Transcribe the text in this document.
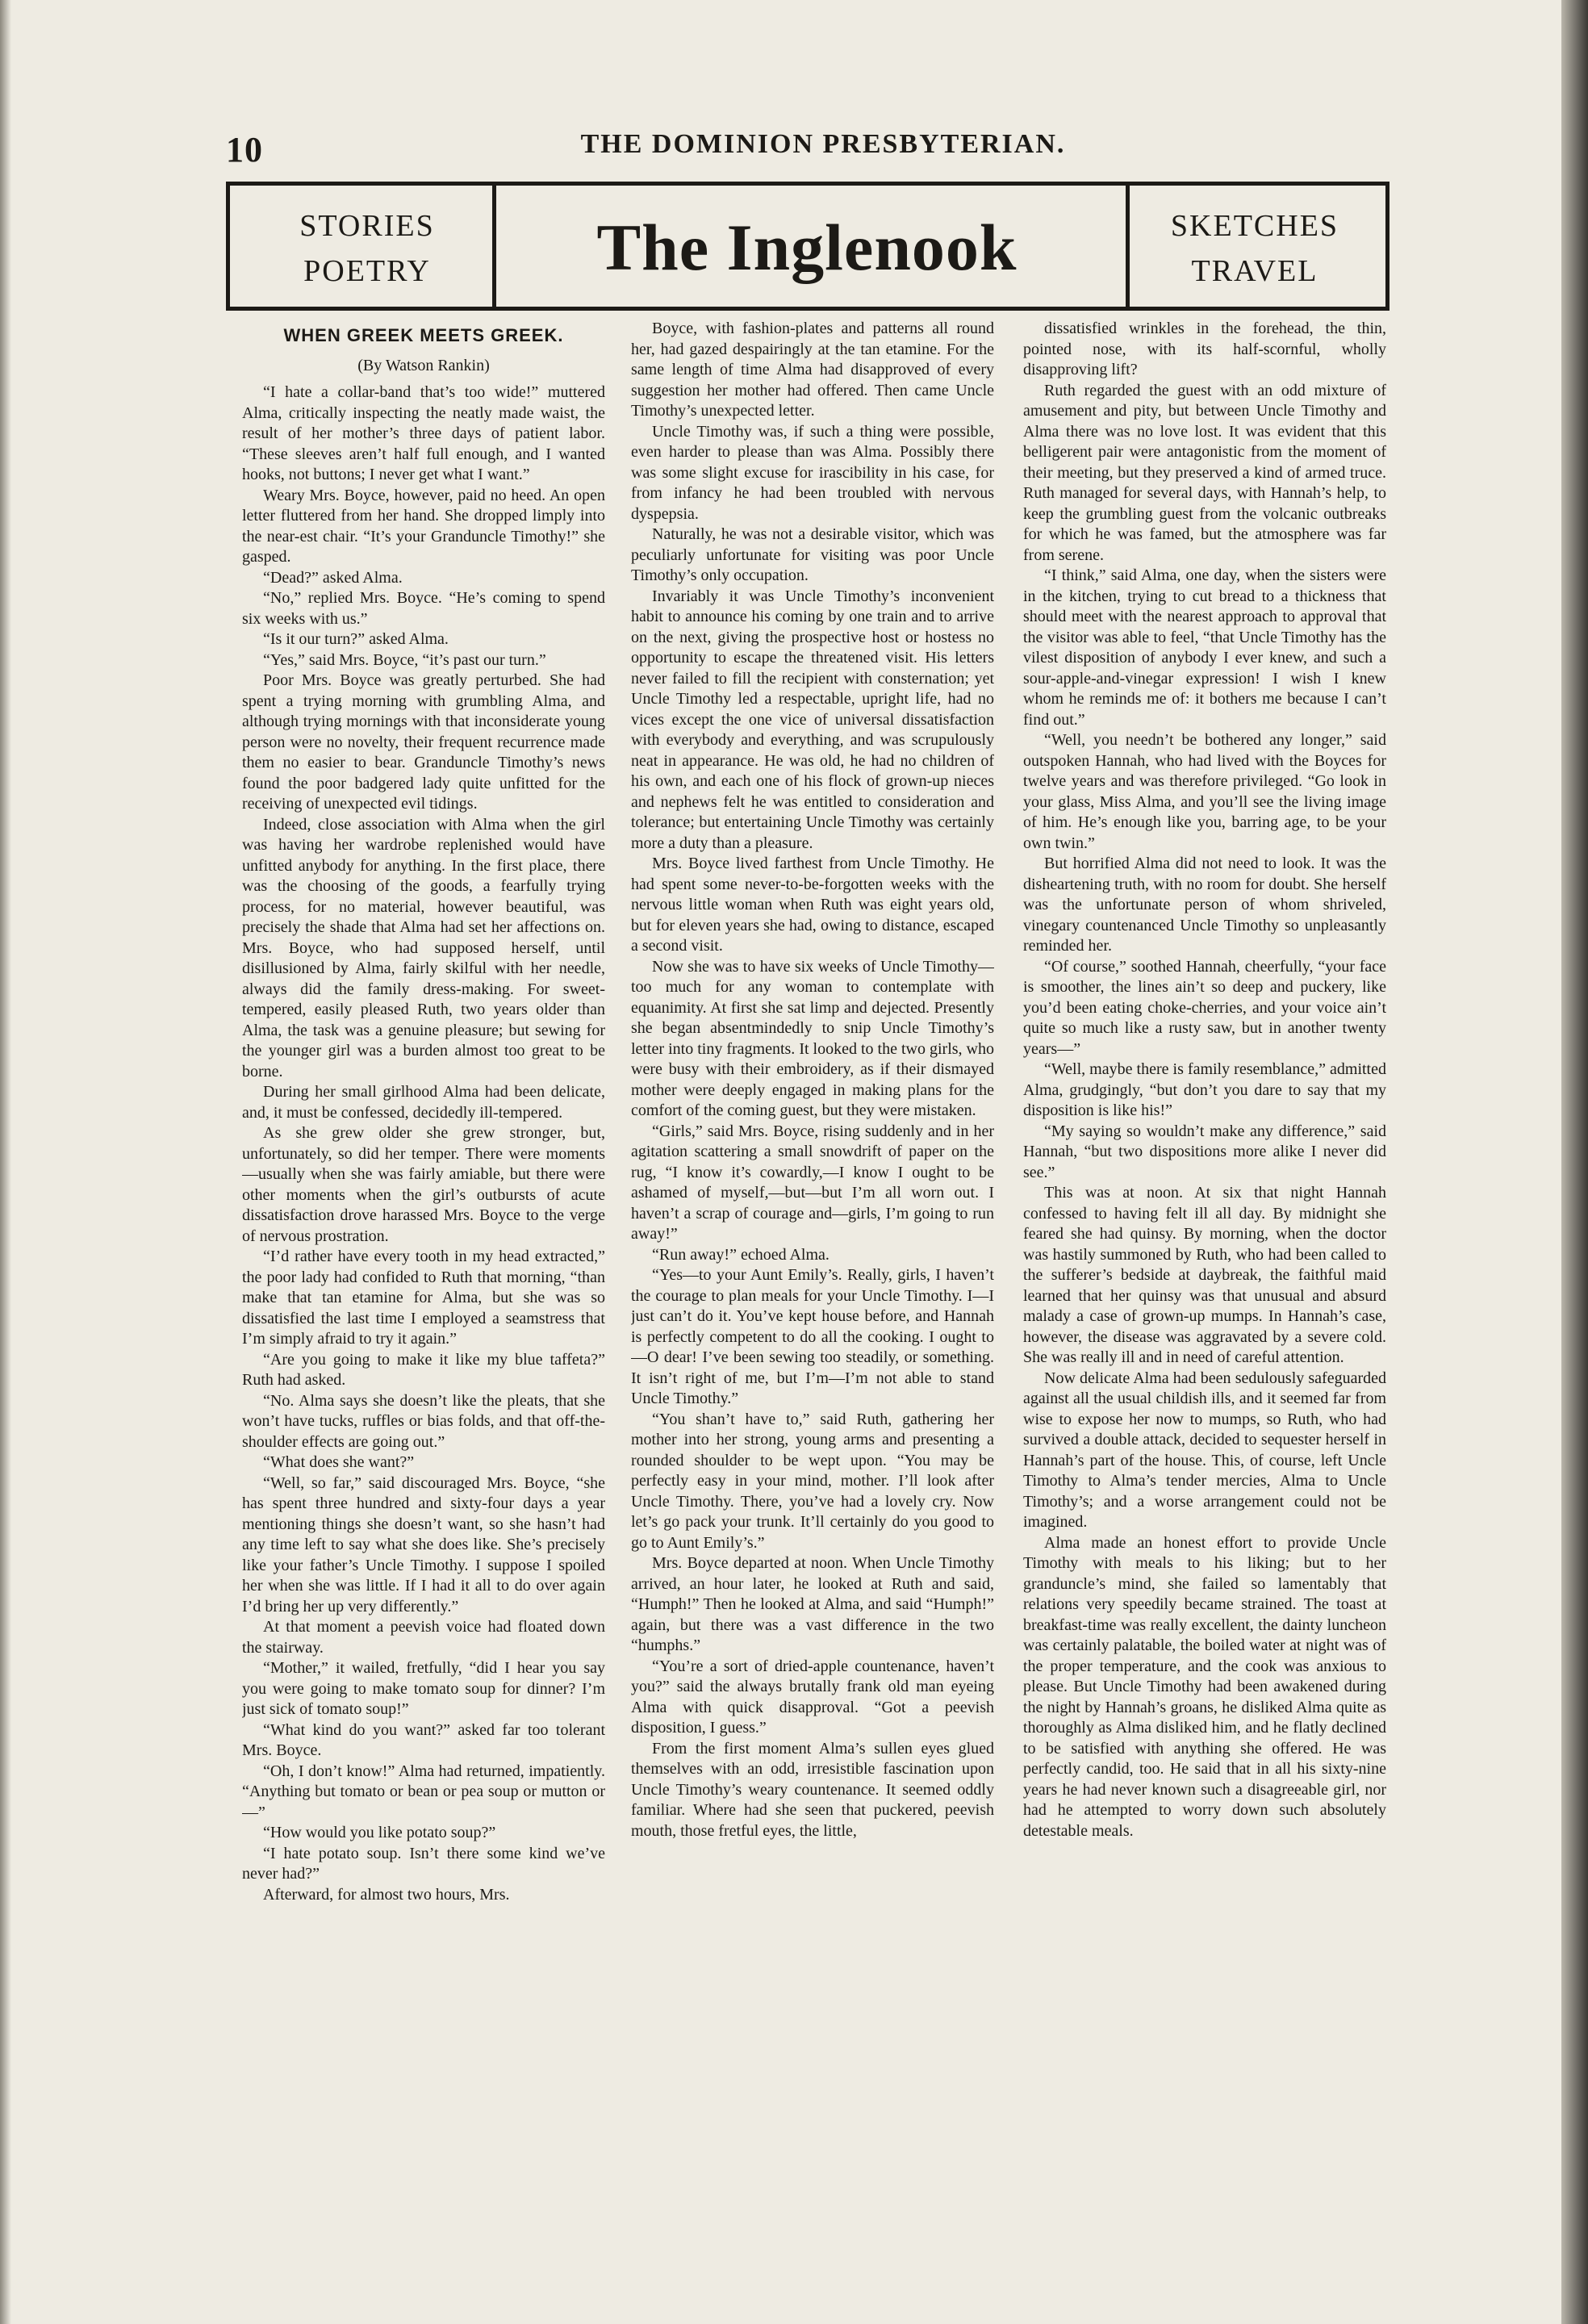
10	THE DOMINION PRESBYTERIAN.
STORIES
POETRY	The Inglenook	SKETCHES
TRAVEL
WHEN GREEK MEETS GREEK.
(By Watson Rankin)

“I hate a collar-band that’s too wide!” muttered Alma, critically inspecting the neatly made waist, the result of her mother’s three days of patient labor. “These sleeves aren’t half full enough, and I wanted hooks, not buttons; I never get what I want.”

Weary Mrs. Boyce, however, paid no heed. An open letter fluttered from her hand. She dropped limply into the near-est chair. “It’s your Granduncle Timothy!” she gasped.

“Dead?” asked Alma.

“No,” replied Mrs. Boyce. “He’s coming to spend six weeks with us.”

“Is it our turn?” asked Alma.

“Yes,” said Mrs. Boyce, “it’s past our turn.”

Poor Mrs. Boyce was greatly perturbed. She had spent a trying morning with grumbling Alma, and although trying mornings with that inconsiderate young person were no novelty, their frequent recurrence made them no easier to bear. Granduncle Timothy’s news found the poor badgered lady quite unfitted for the receiving of unexpected evil tidings.

Indeed, close association with Alma when the girl was having her wardrobe replenished would have unfitted anybody for anything. In the first place, there was the choosing of the goods, a fearfully trying process, for no material, however beautiful, was precisely the shade that Alma had set her affections on. Mrs. Boyce, who had supposed herself, until disillusioned by Alma, fairly skilful with her needle, always did the family dress-making. For sweet-tempered, easily pleased Ruth, two years older than Alma, the task was a genuine pleasure; but sewing for the younger girl was a burden almost too great to be borne.

During her small girlhood Alma had been delicate, and, it must be confessed, decidedly ill-tempered.

As she grew older she grew stronger, but, unfortunately, so did her temper. There were moments—usually when she was fairly amiable, but there were other moments when the girl’s outbursts of acute dissatisfaction drove harassed Mrs. Boyce to the verge of nervous prostration.

“I’d rather have every tooth in my head extracted,” the poor lady had confided to Ruth that morning, “than make that tan etamine for Alma, but she was so dissatisfied the last time I employed a seamstress that I’m simply afraid to try it again.”

“Are you going to make it like my blue taffeta?” Ruth had asked.

“No. Alma says she doesn’t like the pleats, that she won’t have tucks, ruffles or bias folds, and that off-the-shoulder effects are going out.”

“What does she want?”

“Well, so far,” said discouraged Mrs. Boyce, “she has spent three hundred and sixty-four days a year mentioning things she doesn’t want, so she hasn’t had any time left to say what she does like. She’s precisely like your father’s Uncle Timothy. I suppose I spoiled her when she was little. If I had it all to do over again I’d bring her up very differently.”

At that moment a peevish voice had floated down the stairway.

“Mother,” it wailed, fretfully, “did I hear you say you were going to make tomato soup for dinner? I’m just sick of tomato soup!”

“What kind do you want?” asked far too tolerant Mrs. Boyce.

“Oh, I don’t know!” Alma had returned, impatiently. “Anything but tomato or bean or pea soup or mutton or—”

“How would you like potato soup?”

“I hate potato soup. Isn’t there some kind we’ve never had?”

Afterward, for almost two hours, Mrs.

Boyce, with fashion-plates and patterns all round her, had gazed despairingly at the tan etamine. For the same length of time Alma had disapproved of every suggestion her mother had offered. Then came Uncle Timothy’s unexpected letter.

Uncle Timothy was, if such a thing were possible, even harder to please than was Alma. Possibly there was some slight excuse for irascibility in his case, for from infancy he had been troubled with nervous dyspepsia.

Naturally, he was not a desirable visitor, which was peculiarly unfortunate for visiting was poor Uncle Timothy’s only occupation.

Invariably it was Uncle Timothy’s inconvenient habit to announce his coming by one train and to arrive on the next, giving the prospective host or hostess no opportunity to escape the threatened visit. His letters never failed to fill the recipient with consternation; yet Uncle Timothy led a respectable, upright life, had no vices except the one vice of universal dissatisfaction with everybody and everything, and was scrupulously neat in appearance. He was old, he had no children of his own, and each one of his flock of grown-up nieces and nephews felt he was entitled to consideration and tolerance; but entertaining Uncle Timothy was certainly more a duty than a pleasure.

Mrs. Boyce lived farthest from Uncle Timothy. He had spent some never-to-be-forgotten weeks with the nervous little woman when Ruth was eight years old, but for eleven years she had, owing to distance, escaped a second visit.

Now she was to have six weeks of Uncle Timothy—too much for any woman to contemplate with equanimity. At first she sat limp and dejected. Presently she began absentmindedly to snip Uncle Timothy’s letter into tiny fragments. It looked to the two girls, who were busy with their embroidery, as if their dismayed mother were deeply engaged in making plans for the comfort of the coming guest, but they were mistaken.

“Girls,” said Mrs. Boyce, rising suddenly and in her agitation scattering a small snowdrift of paper on the rug, “I know it’s cowardly,—I know I ought to be ashamed of myself,—but—but I’m all worn out. I haven’t a scrap of courage and—girls, I’m going to run away!”

“Run away!” echoed Alma.

“Yes—to your Aunt Emily’s. Really, girls, I haven’t the courage to plan meals for your Uncle Timothy. I—I just can’t do it. You’ve kept house before, and Hannah is perfectly competent to do all the cooking. I ought to—O dear! I’ve been sewing too steadily, or something. It isn’t right of me, but I’m—I’m not able to stand Uncle Timothy.”

“You shan’t have to,” said Ruth, gathering her mother into her strong, young arms and presenting a rounded shoulder to be wept upon. “You may be perfectly easy in your mind, mother. I’ll look after Uncle Timothy. There, you’ve had a lovely cry. Now let’s go pack your trunk. It’ll certainly do you good to go to Aunt Emily’s.”

Mrs. Boyce departed at noon. When Uncle Timothy arrived, an hour later, he looked at Ruth and said, “Humph!” Then he looked at Alma, and said “Humph!” again, but there was a vast difference in the two “humphs.”

“You’re a sort of dried-apple countenance, haven’t you?” said the always brutally frank old man eyeing Alma with quick disapproval. “Got a peevish disposition, I guess.”

From the first moment Alma’s sullen eyes glued themselves with an odd, irresistible fascination upon Uncle Timothy’s weary countenance. It seemed oddly familiar. Where had she seen that puckered, peevish mouth, those fretful eyes, the little,

dissatisfied wrinkles in the forehead, the thin, pointed nose, with its half-scornful, wholly disapproving lift?

Ruth regarded the guest with an odd mixture of amusement and pity, but between Uncle Timothy and Alma there was no love lost. It was evident that this belligerent pair were antagonistic from the moment of their meeting, but they preserved a kind of armed truce. Ruth managed for several days, with Hannah’s help, to keep the grumbling guest from the volcanic outbreaks for which he was famed, but the atmosphere was far from serene.

“I think,” said Alma, one day, when the sisters were in the kitchen, trying to cut bread to a thickness that should meet with the nearest approach to approval that the visitor was able to feel, “that Uncle Timothy has the vilest disposition of anybody I ever knew, and such a sour-apple-and-vinegar expression! I wish I knew whom he reminds me of: it bothers me because I can’t find out.”

“Well, you needn’t be bothered any longer,” said outspoken Hannah, who had lived with the Boyces for twelve years and was therefore privileged. “Go look in your glass, Miss Alma, and you’ll see the living image of him. He’s enough like you, barring age, to be your own twin.”

But horrified Alma did not need to look. It was the disheartening truth, with no room for doubt. She herself was the unfortunate person of whom shriveled, vinegary countenanced Uncle Timothy so unpleasantly reminded her.

“Of course,” soothed Hannah, cheerfully, “your face is smoother, the lines ain’t so deep and puckery, like you’d been eating choke-cherries, and your voice ain’t quite so much like a rusty saw, but in another twenty years—”

“Well, maybe there is family resemblance,” admitted Alma, grudgingly, “but don’t you dare to say that my disposition is like his!”

“My saying so wouldn’t make any difference,” said Hannah, “but two dispositions more alike I never did see.”

This was at noon. At six that night Hannah confessed to having felt ill all day. By midnight she feared she had quinsy. By morning, when the doctor was hastily summoned by Ruth, who had been called to the sufferer’s bedside at daybreak, the faithful maid learned that her quinsy was that unusual and absurd malady a case of grown-up mumps. In Hannah’s case, however, the disease was aggravated by a severe cold. She was really ill and in need of careful attention.

Now delicate Alma had been sedulously safeguarded against all the usual childish ills, and it seemed far from wise to expose her now to mumps, so Ruth, who had survived a double attack, decided to sequester herself in Hannah’s part of the house. This, of course, left Uncle Timothy to Alma’s tender mercies, Alma to Uncle Timothy’s; and a worse arrangement could not be imagined.

Alma made an honest effort to provide Uncle Timothy with meals to his liking; but to her granduncle’s mind, she failed so lamentably that relations very speedily became strained. The toast at breakfast-time was really excellent, the dainty luncheon was certainly palatable, the boiled water at night was of the proper temperature, and the cook was anxious to please. But Uncle Timothy had been awakened during the night by Hannah’s groans, he disliked Alma quite as thoroughly as Alma disliked him, and he flatly declined to be satisfied with anything she offered. He was perfectly candid, too. He said that in all his sixty-nine years he had never known such a disagreeable girl, nor had he attempted to worry down such absolutely detestable meals.
